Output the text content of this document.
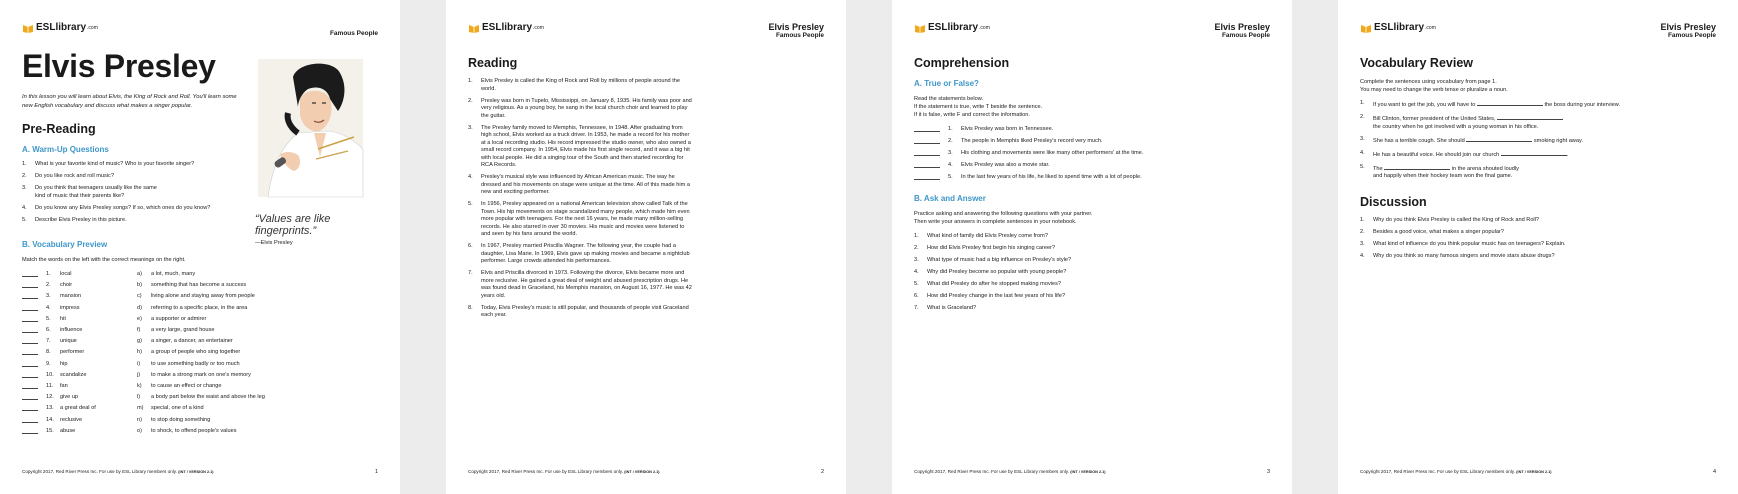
ESLlibrary .com
Famous People
Elvis Presley
In this lesson you will learn about Elvis, the King of Rock and Roll. You'll learn some new English vocabulary and discuss what makes a singer popular.
Pre-Reading
A. Warm-Up Questions
1.	What is your favorite kind of music? Who is your favorite singer?
2.	Do you like rock and roll music?
3.	Do you think that teenagers usually like the same kind of music that their parents like?
4.	Do you know any Elvis Presley songs? If so, which ones do you know?
5.	Describe Elvis Presley in this picture.	“Values are like fingerprints.”
—Elvis Presley
B. Vocabulary Preview
Match the words on the left with the correct meanings on the right.
	1.	local	a)	a lot, much, many
	2.	choir	b)	something that has become a success
	3.	mansion	c)	living alone and staying away from people
	4.	impress	d)	referring to a specific place, in the area
	5.	hit	e)	a supporter or admirer
	6.	influence	f)	a very large, grand house
	7.	unique	g)	a singer, a dancer, an entertainer
	8.	performer	h)	a group of people who sing together
	9.	hip	i)	to use something badly or too much
	10.	scandalize	j)	to make a strong mark on one's memory
	11.	fan	k)	to cause an effect or change
	12.	give up	l)	a body part below the waist and above the leg
	13.	a great deal of	m)	special, one of a kind
	14.	reclusive	n)	to stop doing something
	15.	abuse	o)	to shock, to offend people's values
Copyright 2017, Red River Press Inc. For use by ESL Library members only. (INT / VERSION 2.1)	1
ESLlibrary .com	Elvis Presley
Famous People
Reading
1.	Elvis Presley is called the King of Rock and Roll by millions of people around the world.
2.	Presley was born in Tupelo, Mississippi, on January 8, 1935. His family was poor and very religious. As a young boy, he sang in the local church choir and learned to play the guitar.
3.	The Presley family moved to Memphis, Tennessee, in 1948. After graduating from high school, Elvis worked as a truck driver. In 1953, he made a record for his mother at a local recording studio. His record impressed the studio owner, who also owned a small record company. In 1954, Elvis made his first single record, and it was a big hit with local people. He did a singing tour of the South and then started recording for RCA Records.
4.	Presley's musical style was influenced by African American music. The way he dressed and his movements on stage were unique at the time. All of this made him a new and exciting performer.
5.	In 1956, Presley appeared on a national American television show called Talk of the Town. His hip movements on stage scandalized many people, which made him even more popular with teenagers. For the next 16 years, he made many million-selling records. He also starred in over 30 movies. His music and movies were listened to and seen by his fans around the world.
6.	In 1967, Presley married Priscilla Wagner. The following year, the couple had a daughter, Lisa Marie. In 1969, Elvis gave up making movies and became a nightclub performer. Large crowds attended his performances.
7.	Elvis and Priscilla divorced in 1973. Following the divorce, Elvis became more and more reclusive. He gained a great deal of weight and abused prescription drugs. He was found dead in Graceland, his Memphis mansion, on August 16, 1977. He was 42 years old.
8.	Today, Elvis Presley's music is still popular, and thousands of people visit Graceland each year.
Copyright 2017, Red River Press Inc. For use by ESL Library members only. (INT / VERSION 2.1)	2
ESLlibrary .com	Elvis Presley
Famous People
Comprehension
A. True or False?
Read the statements below.
If the statement is true, write T beside the sentence.
If it is false, write F and correct the information.
1.	Elvis Presley was born in Tennessee.
2.	The people in Memphis liked Presley's record very much.
3.	His clothing and movements were like many other performers' at the time.
4.	Elvis Presley was also a movie star.
5.	In the last few years of his life, he liked to spend time with a lot of people.
B. Ask and Answer
Practice asking and answering the following questions with your partner.
Then write your answers in complete sentences in your notebook.
1.	What kind of family did Elvis Presley come from?
2.	How did Elvis Presley first begin his singing career?
3.	What type of music had a big influence on Presley's style?
4.	Why did Presley become so popular with young people?
5.	What did Presley do after he stopped making movies?
6.	How did Presley change in the last few years of his life?
7.	What is Graceland?
Copyright 2017, Red River Press Inc. For use by ESL Library members only. (INT / VERSION 2.1)	3
ESLlibrary .com	Elvis Presley
Famous People
Vocabulary Review
Complete the sentences using vocabulary from page 1.
You may need to change the verb tense or pluralize a noun.
1.	If you want to get the job, you will have to	the boss during your interview.
2.	Bill Clinton, former president of the United States,
the country when he got involved with a young woman in his office.
3.	She has a terrible cough. She should	smoking right away.
4.	He has a beautiful voice. He should join our church	.
5.	The	in the arena shouted loudly
and happily when their hockey team won the final game.
Discussion
1.	Why do you think Elvis Presley is called the King of Rock and Roll?
2.	Besides a good voice, what makes a singer popular?
3.	What kind of influence do you think popular music has on teenagers? Explain.
4.	Why do you think so many famous singers and movie stars abuse drugs?
Copyright 2017, Red River Press Inc. For use by ESL Library members only. (INT / VERSION 2.1)	4
